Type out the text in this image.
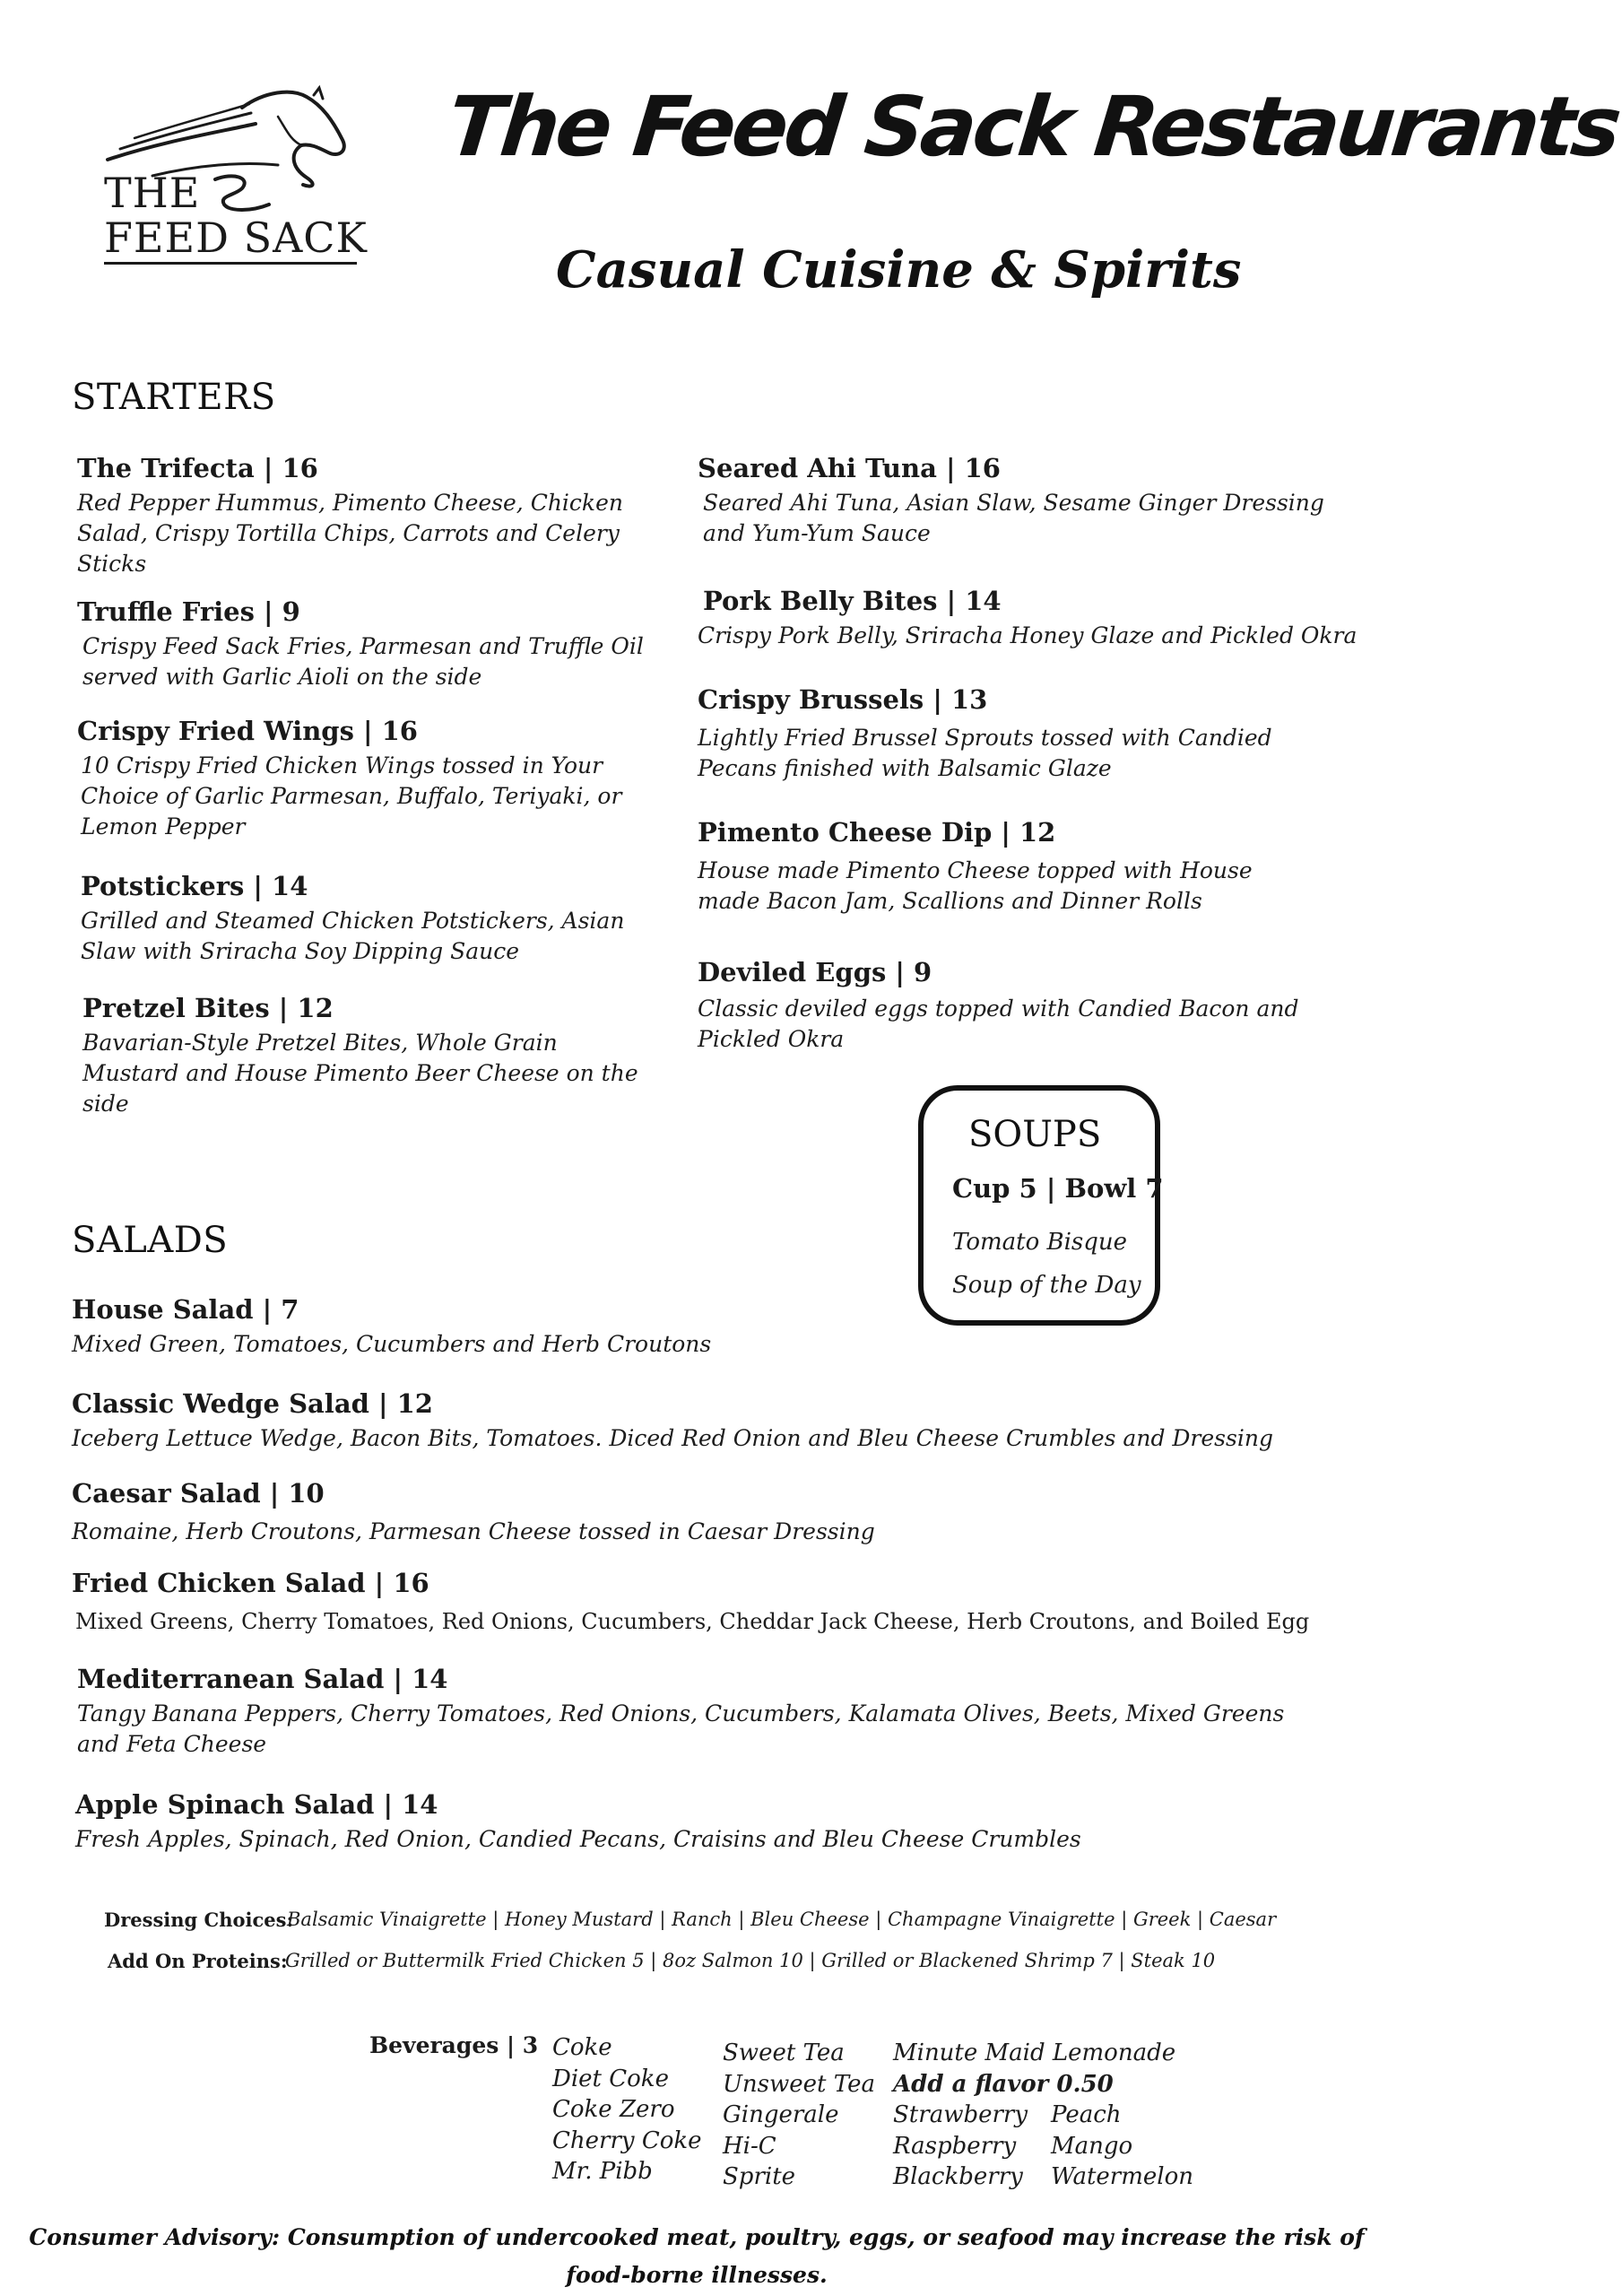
THE
FEED SACK
The Feed Sack Restaurants
Casual Cuisine & Spirits
STARTERS
The Trifecta | 16
Red Pepper Hummus, Pimento Cheese, Chicken Salad, Crispy Tortilla Chips, Carrots and Celery Sticks
Truffle Fries | 9
Crispy Feed Sack Fries, Parmesan and Truffle Oil served with Garlic Aioli on the side
Crispy Fried Wings | 16
10 Crispy Fried Chicken Wings tossed in Your Choice of Garlic Parmesan, Buffalo, Teriyaki, or Lemon Pepper
Potstickers | 14
Grilled and Steamed Chicken Potstickers, Asian Slaw with Sriracha Soy Dipping Sauce
Pretzel Bites | 12
Bavarian-Style Pretzel Bites, Whole Grain Mustard and House Pimento Beer Cheese on the side
Seared Ahi Tuna | 16
Seared Ahi Tuna, Asian Slaw, Sesame Ginger Dressing and Yum-Yum Sauce
Pork Belly Bites | 14
Crispy Pork Belly, Sriracha Honey Glaze and Pickled Okra
Crispy Brussels | 13
Lightly Fried Brussel Sprouts tossed with Candied Pecans finished with Balsamic Glaze
Pimento Cheese Dip | 12
House made Pimento Cheese topped with House made Bacon Jam, Scallions and Dinner Rolls
Deviled Eggs | 9
Classic deviled eggs topped with Candied Bacon and Pickled Okra
SOUPS
Cup 5 | Bowl 7
Tomato Bisque
Soup of the Day
SALADS
House Salad | 7
Mixed Green, Tomatoes, Cucumbers and Herb Croutons
Classic Wedge Salad | 12
Iceberg Lettuce Wedge, Bacon Bits, Tomatoes. Diced Red Onion and Bleu Cheese Crumbles and Dressing
Caesar Salad | 10
Romaine, Herb Croutons, Parmesan Cheese tossed in Caesar Dressing
Fried Chicken Salad | 16
Mixed Greens, Cherry Tomatoes, Red Onions, Cucumbers, Cheddar Jack Cheese, Herb Croutons, and Boiled Egg
Mediterranean Salad | 14
Tangy Banana Peppers, Cherry Tomatoes, Red Onions, Cucumbers, Kalamata Olives, Beets, Mixed Greens and Feta Cheese
Apple Spinach Salad | 14
Fresh Apples, Spinach, Red Onion, Candied Pecans, Craisins and Bleu Cheese Crumbles
Dressing Choices:
Balsamic Vinaigrette | Honey Mustard | Ranch | Bleu Cheese | Champagne Vinaigrette | Greek | Caesar
Add On Proteins:
Grilled or Buttermilk Fried Chicken 5 | 8oz Salmon 10 | Grilled or Blackened Shrimp 7 | Steak 10
Beverages | 3 Coke
Diet Coke
Coke Zero
Cherry Coke
Mr. Pibb
Sweet Tea
Unsweet Tea
Gingerale
Hi-C
Sprite
Minute Maid Lemonade
Add a flavor 0.50
Strawberry
Raspberry
Blackberry
Peach
Mango
Watermelon
Consumer Advisory: Consumption of undercooked meat, poultry, eggs, or seafood may increase the risk of food-borne illnesses.
